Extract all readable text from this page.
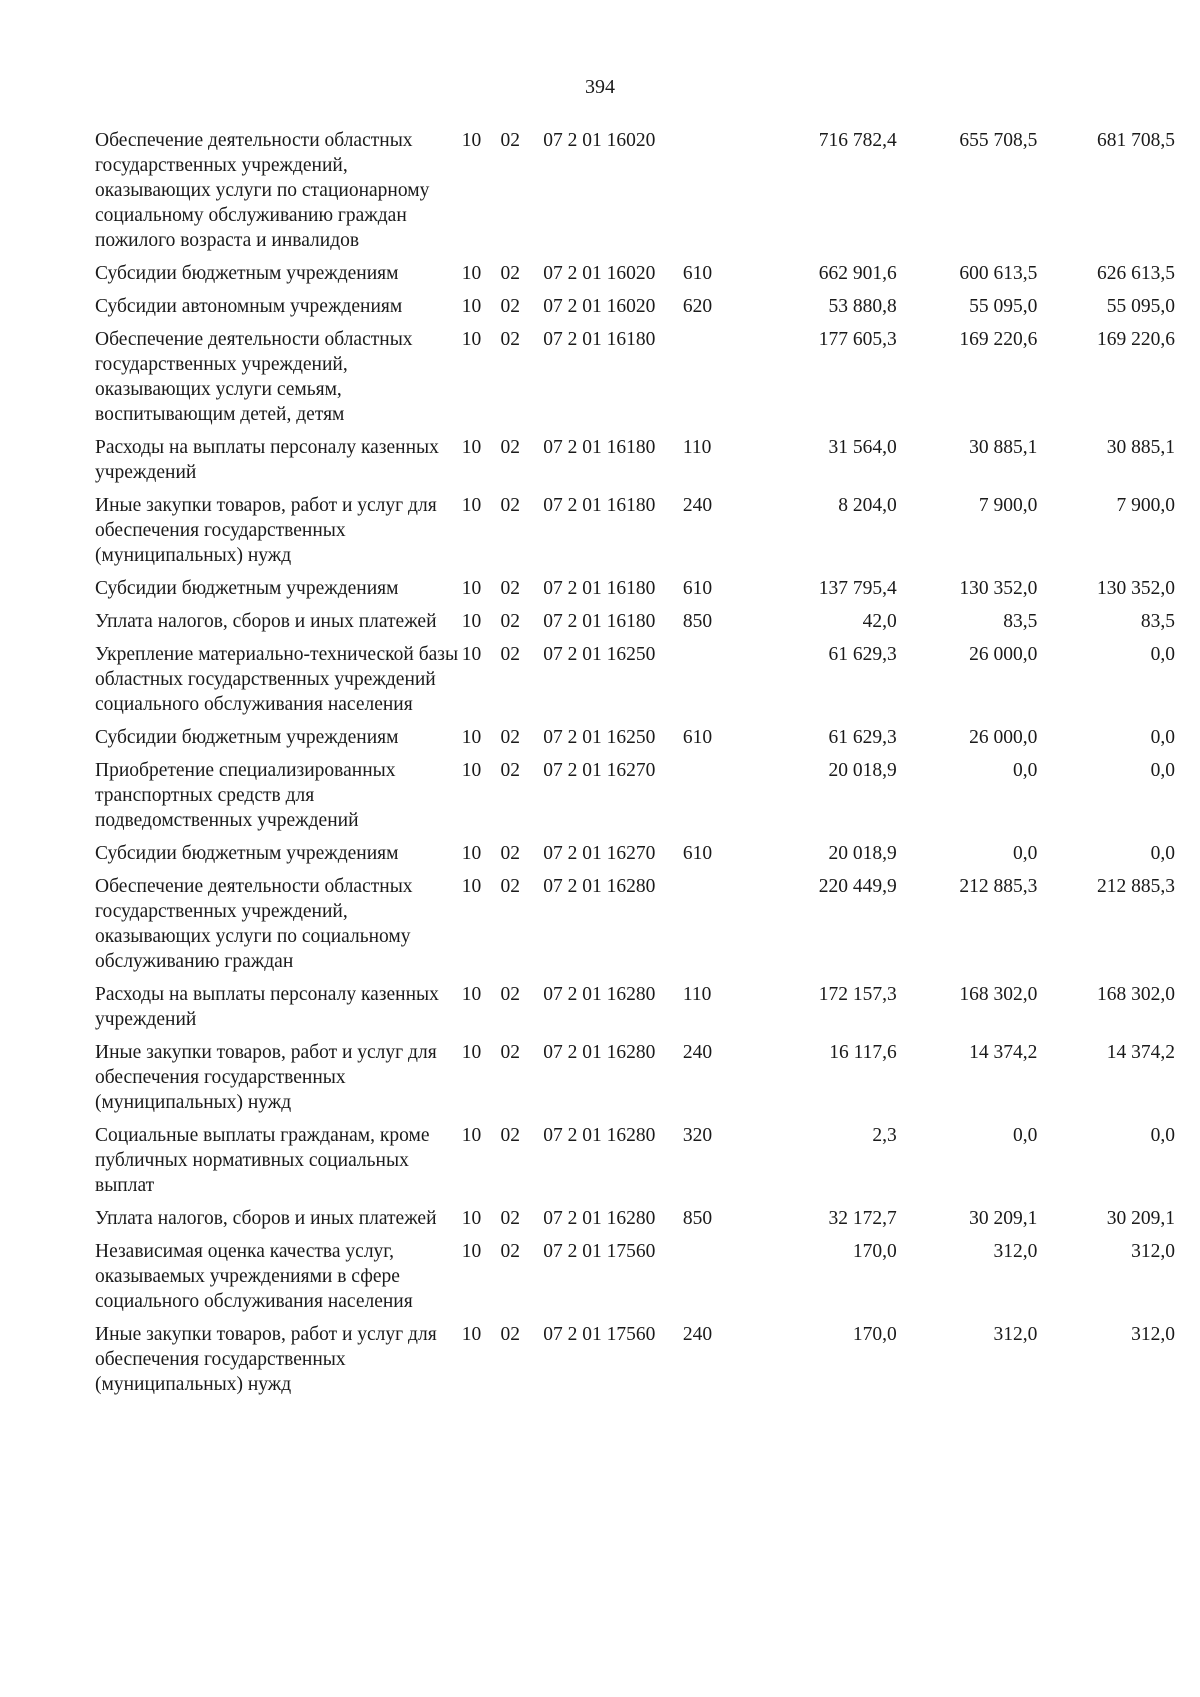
394
Обеспечение деятельности областных государственных учреждений, оказывающих услуги по стационарному социальному обслуживанию граждан пожилого возраста и инвалидов	10	02	07 2 01 16020		716 782,4	655 708,5	681 708,5
Субсидии бюджетным учреждениям	10	02	07 2 01 16020	610	662 901,6	600 613,5	626 613,5
Субсидии автономным учреждениям	10	02	07 2 01 16020	620	53 880,8	55 095,0	55 095,0
Обеспечение деятельности областных государственных учреждений, оказывающих услуги семьям, воспитывающим детей, детям	10	02	07 2 01 16180		177 605,3	169 220,6	169 220,6
Расходы на выплаты персоналу казенных учреждений	10	02	07 2 01 16180	110	31 564,0	30 885,1	30 885,1
Иные закупки товаров, работ и услуг для обеспечения государственных (муниципальных) нужд	10	02	07 2 01 16180	240	8 204,0	7 900,0	7 900,0
Субсидии бюджетным учреждениям	10	02	07 2 01 16180	610	137 795,4	130 352,0	130 352,0
Уплата налогов, сборов и иных платежей	10	02	07 2 01 16180	850	42,0	83,5	83,5
Укрепление материально-технической базы областных государственных учреждений социального обслуживания населения	10	02	07 2 01 16250		61 629,3	26 000,0	0,0
Субсидии бюджетным учреждениям	10	02	07 2 01 16250	610	61 629,3	26 000,0	0,0
Приобретение специализированных транспортных средств для подведомственных учреждений	10	02	07 2 01 16270		20 018,9	0,0	0,0
Субсидии бюджетным учреждениям	10	02	07 2 01 16270	610	20 018,9	0,0	0,0
Обеспечение деятельности областных государственных учреждений, оказывающих услуги по социальному обслуживанию граждан	10	02	07 2 01 16280		220 449,9	212 885,3	212 885,3
Расходы на выплаты персоналу казенных учреждений	10	02	07 2 01 16280	110	172 157,3	168 302,0	168 302,0
Иные закупки товаров, работ и услуг для обеспечения государственных (муниципальных) нужд	10	02	07 2 01 16280	240	16 117,6	14 374,2	14 374,2
Социальные выплаты гражданам, кроме публичных нормативных социальных выплат	10	02	07 2 01 16280	320	2,3	0,0	0,0
Уплата налогов, сборов и иных платежей	10	02	07 2 01 16280	850	32 172,7	30 209,1	30 209,1
Независимая оценка качества услуг, оказываемых учреждениями в сфере социального обслуживания населения	10	02	07 2 01 17560		170,0	312,0	312,0
Иные закупки товаров, работ и услуг для обеспечения государственных (муниципальных) нужд	10	02	07 2 01 17560	240	170,0	312,0	312,0
